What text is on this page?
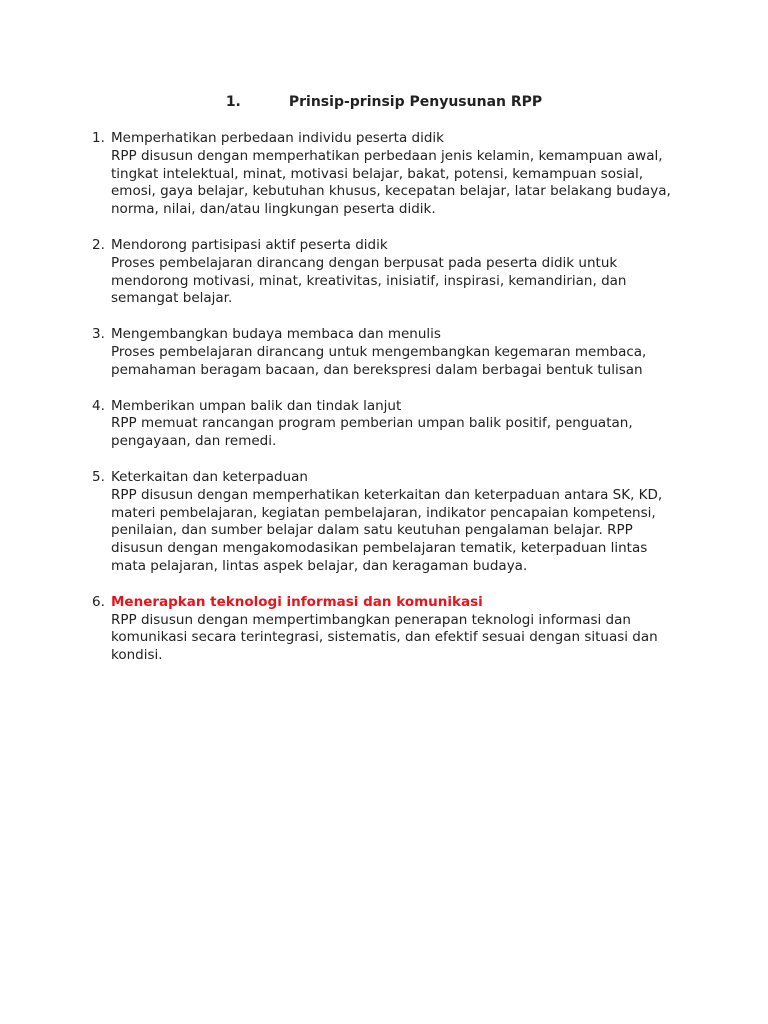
1.	Prinsip-prinsip Penyusunan RPP
1. Memperhatikan perbedaan individu peserta didik
RPP disusun dengan memperhatikan perbedaan jenis kelamin, kemampuan awal, tingkat intelektual, minat, motivasi belajar, bakat, potensi, kemampuan sosial, emosi, gaya belajar, kebutuhan khusus, kecepatan belajar, latar belakang budaya, norma, nilai, dan/atau lingkungan peserta didik.
2. Mendorong partisipasi aktif peserta didik
Proses pembelajaran dirancang dengan berpusat pada peserta didik untuk mendorong motivasi, minat, kreativitas, inisiatif, inspirasi, kemandirian, dan semangat belajar.
3. Mengembangkan budaya membaca dan menulis
Proses pembelajaran dirancang untuk mengembangkan kegemaran membaca, pemahaman beragam bacaan, dan berekspresi dalam berbagai bentuk tulisan
4. Memberikan umpan balik dan tindak lanjut
RPP memuat rancangan program pemberian umpan balik positif, penguatan, pengayaan, dan remedi.
5. Keterkaitan dan keterpaduan
RPP disusun dengan memperhatikan keterkaitan dan keterpaduan antara SK, KD, materi pembelajaran, kegiatan pembelajaran, indikator pencapaian kompetensi, penilaian, dan sumber belajar dalam satu keutuhan pengalaman belajar. RPP disusun dengan mengakomodasikan pembelajaran tematik, keterpaduan lintas mata pelajaran, lintas aspek belajar, dan keragaman budaya.
6. Menerapkan teknologi informasi dan komunikasi
RPP disusun dengan mempertimbangkan penerapan teknologi informasi dan komunikasi secara terintegrasi, sistematis, dan efektif sesuai dengan situasi dan kondisi.
